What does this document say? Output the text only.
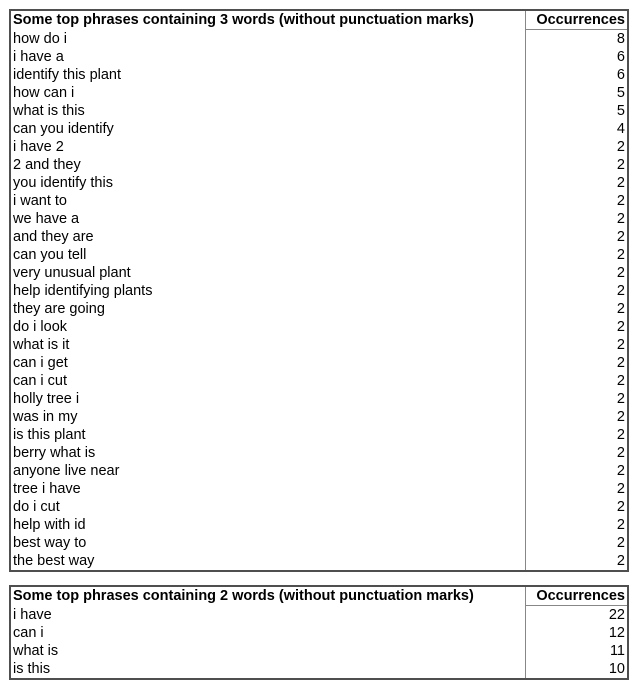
Some top phrases containing 3 words (without punctuation marks)	Occurrences
how do i	8
i have a	6
identify this plant	6
how can i	5
what is this	5
can you identify	4
i have 2	2
2 and they	2
you identify this	2
i want to	2
we have a	2
and they are	2
can you tell	2
very unusual plant	2
help identifying plants	2
they are going	2
do i look	2
what is it	2
can i get	2
can i cut	2
holly tree i	2
was in my	2
is this plant	2
berry what is	2
anyone live near	2
tree i have	2
do i cut	2
help with id	2
best way to	2
the best way	2
Some top phrases containing 2 words (without punctuation marks)	Occurrences
i have	22
can i	12
what is	11
is this	10
